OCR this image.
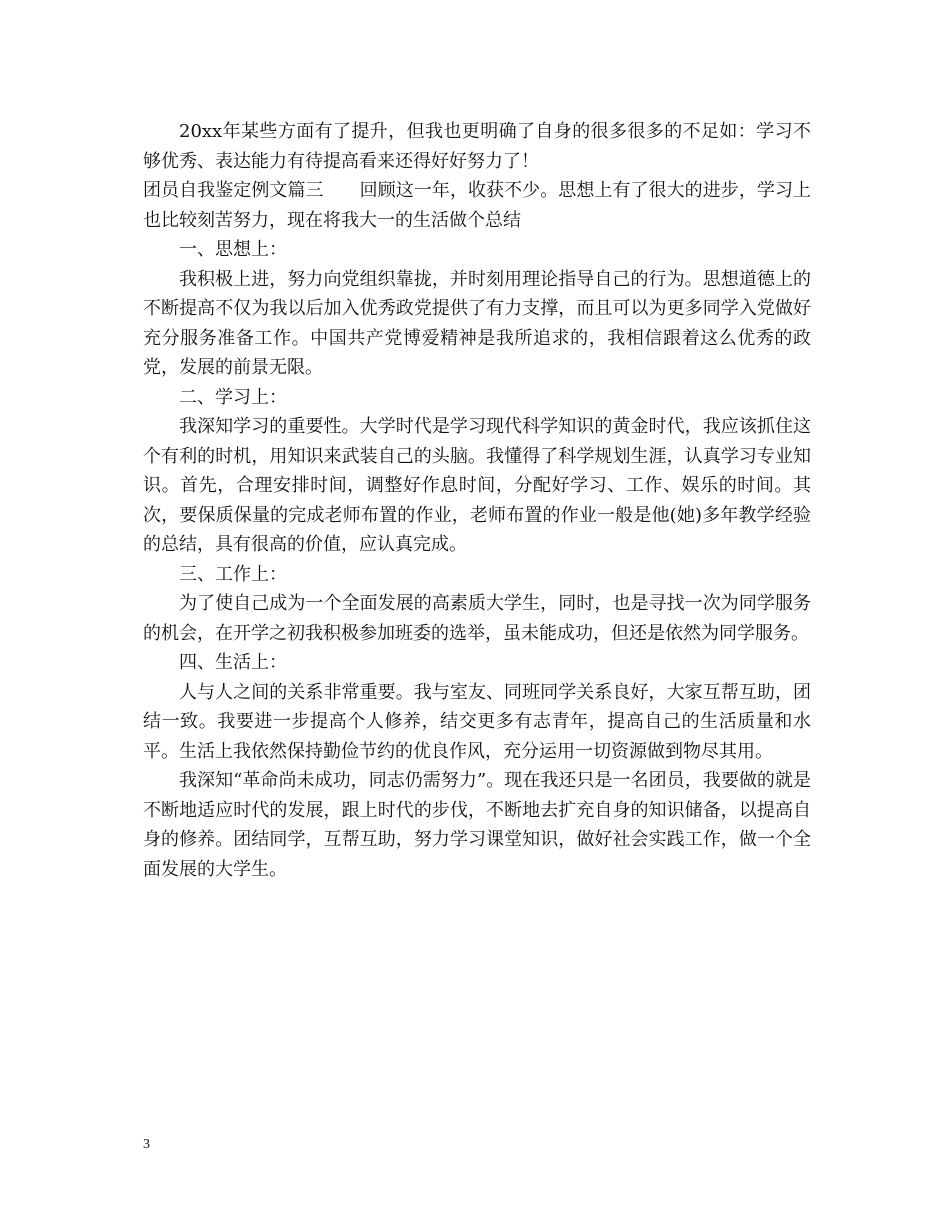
20xx年某些方面有了提升，但我也更明确了自身的很多很多的不足如：学习不够优秀、表达能力有待提高看来还得好好努力了！

团员自我鉴定例文篇三　　回顾这一年，收获不少。思想上有了很大的进步，学习上也比较刻苦努力，现在将我大一的生活做个总结

一、思想上：

我积极上进，努力向党组织靠拢，并时刻用理论指导自己的行为。思想道德上的不断提高不仅为我以后加入优秀政党提供了有力支撑，而且可以为更多同学入党做好充分服务准备工作。中国共产党博爱精神是我所追求的，我相信跟着这么优秀的政党，发展的前景无限。

二、学习上：

我深知学习的重要性。大学时代是学习现代科学知识的黄金时代，我应该抓住这个有利的时机，用知识来武装自己的头脑。我懂得了科学规划生涯，认真学习专业知识。首先，合理安排时间，调整好作息时间，分配好学习、工作、娱乐的时间。其次，要保质保量的完成老师布置的作业，老师布置的作业一般是他(她)多年教学经验的总结，具有很高的价值，应认真完成。

三、工作上：

为了使自己成为一个全面发展的高素质大学生，同时，也是寻找一次为同学服务的机会，在开学之初我积极参加班委的选举，虽未能成功，但还是依然为同学服务。

四、生活上：

人与人之间的关系非常重要。我与室友、同班同学关系良好，大家互帮互助，团结一致。我要进一步提高个人修养，结交更多有志青年，提高自己的生活质量和水平。生活上我依然保持勤俭节约的优良作风，充分运用一切资源做到物尽其用。

我深知“革命尚未成功，同志仍需努力”。现在我还只是一名团员，我要做的就是不断地适应时代的发展，跟上时代的步伐，不断地去扩充自身的知识储备，以提高自身的修养。团结同学，互帮互助，努力学习课堂知识，做好社会实践工作，做一个全面发展的大学生。

3
